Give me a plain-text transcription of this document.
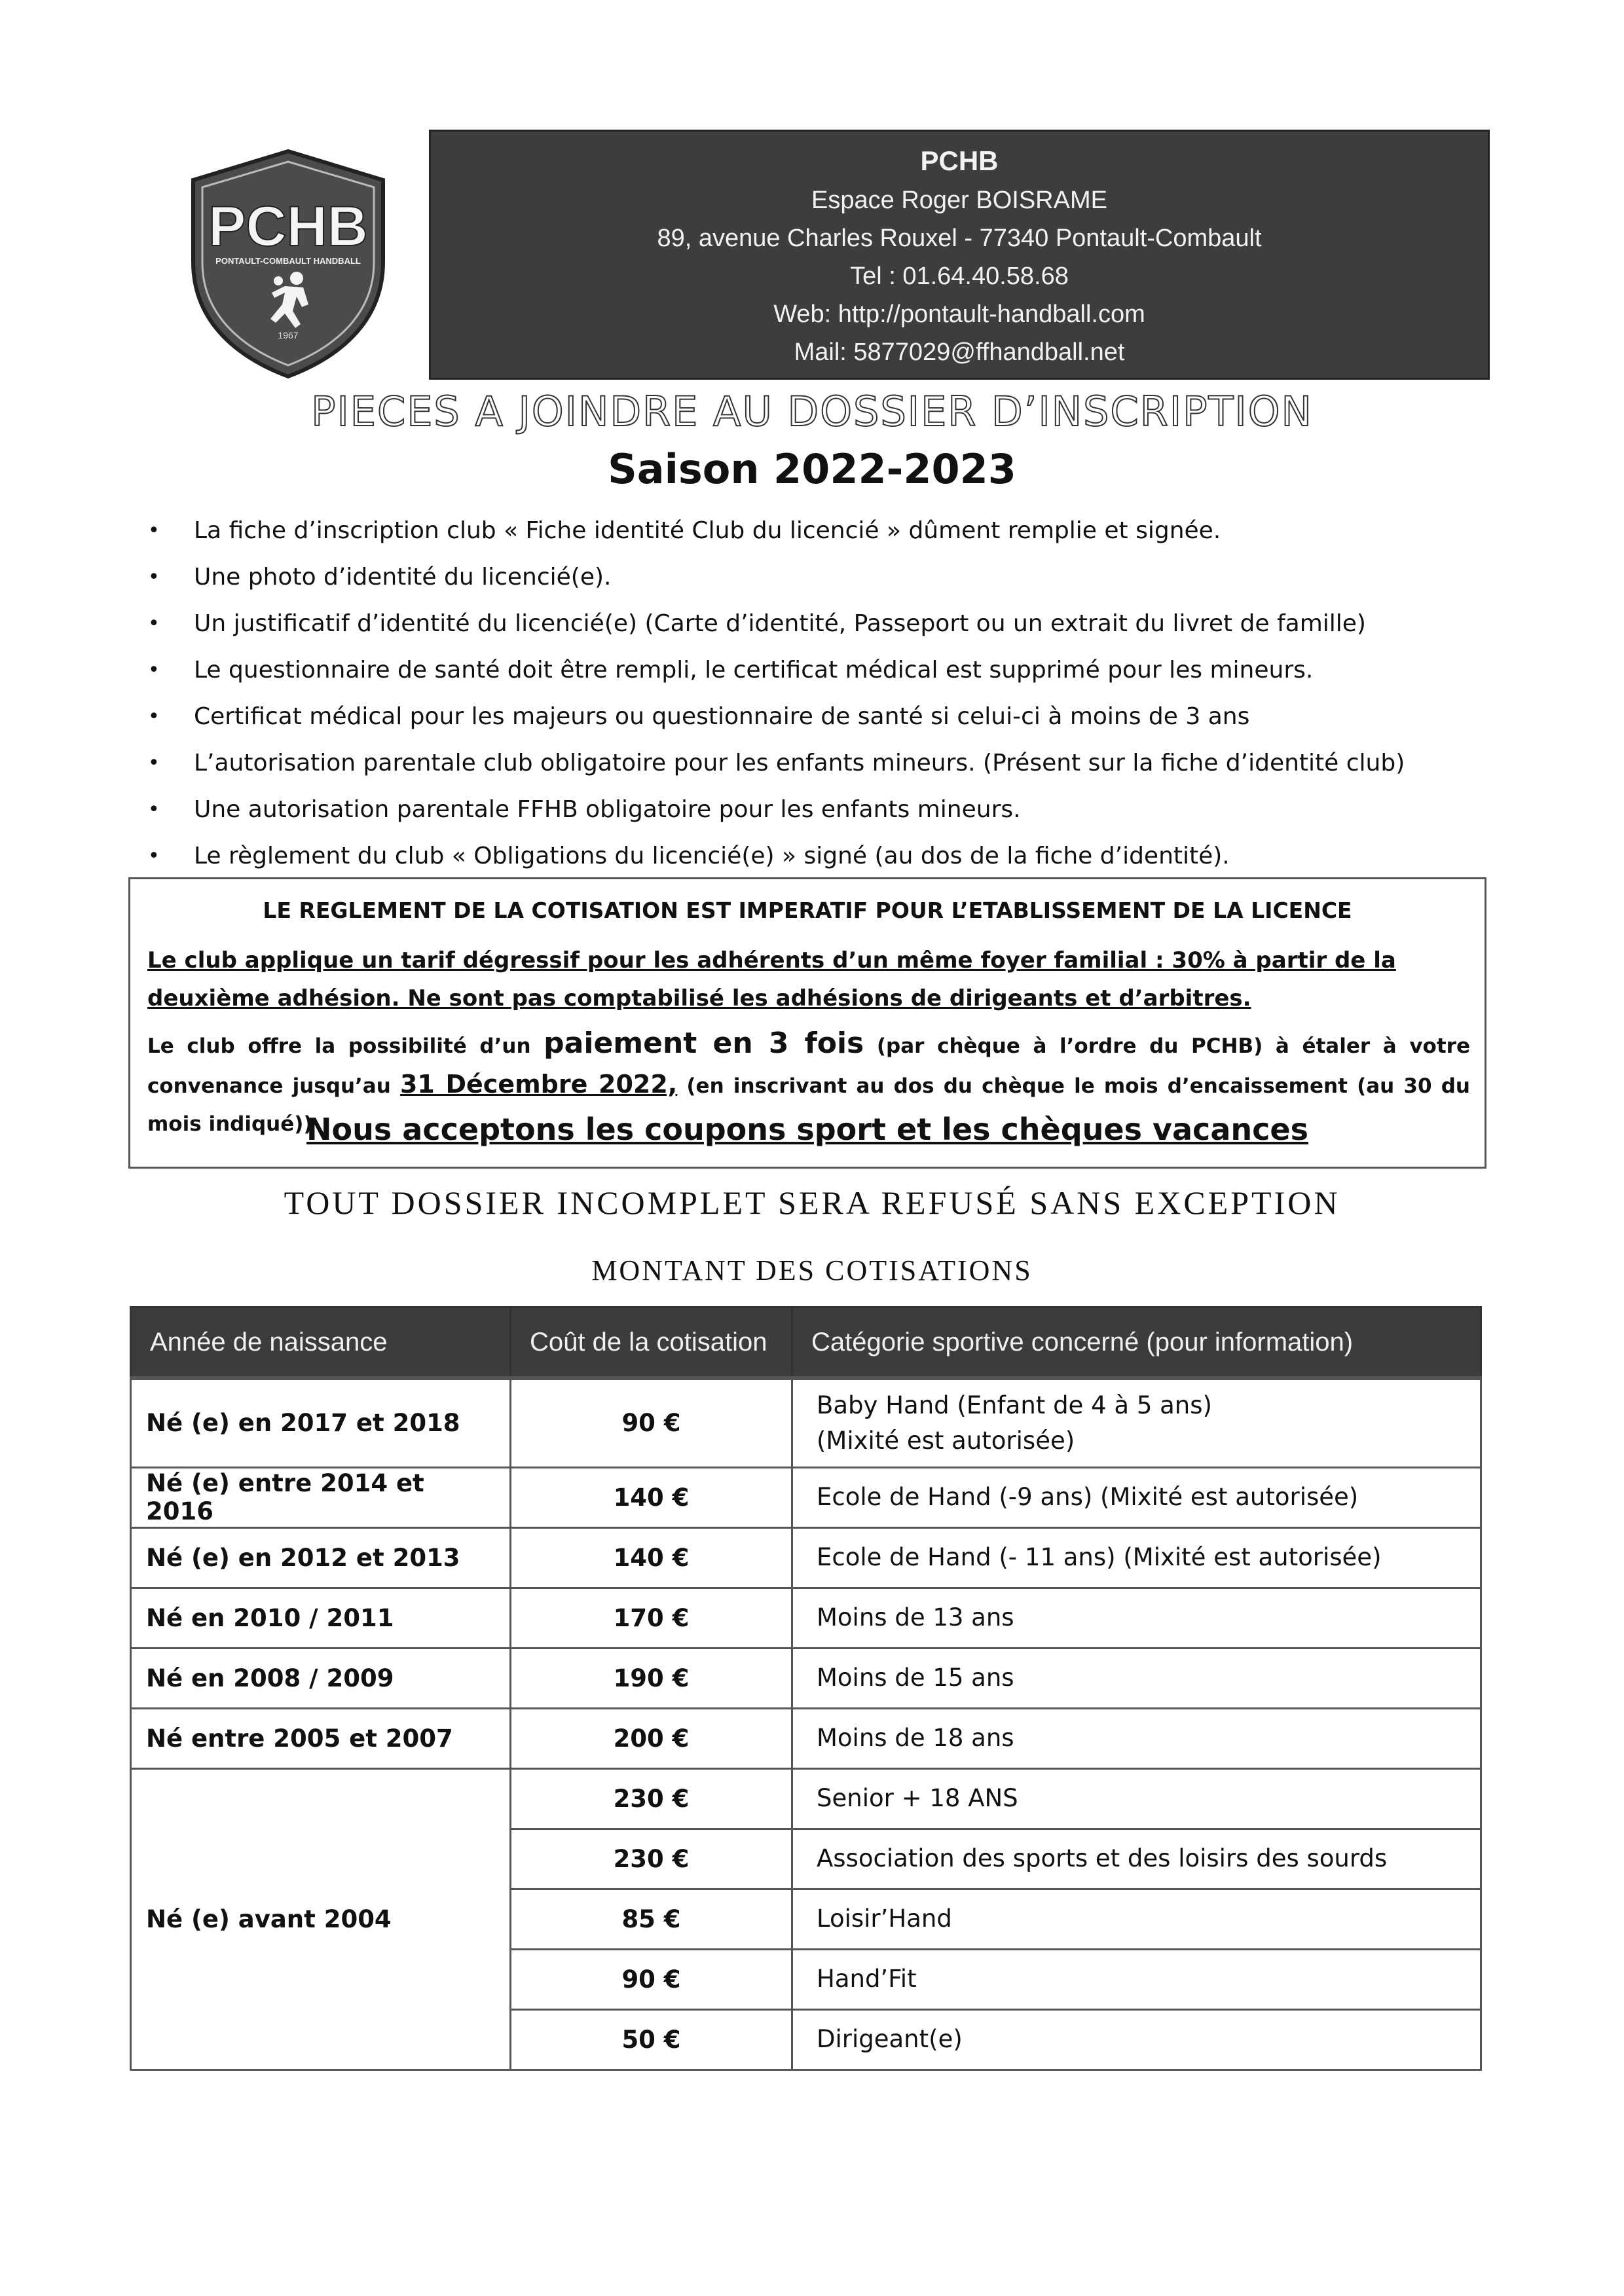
PCHB
PONTAULT-COMBAULT HANDBALL
1967
PCHB
Espace Roger BOISRAME
89, avenue Charles Rouxel - 77340 Pontault-Combault
Tel : 01.64.40.58.68
Web: http://pontault-handball.com
Mail: 5877029@ffhandball.net
PIECES A JOINDRE AU DOSSIER D’INSCRIPTION
Saison 2022-2023
• La fiche d’inscription club « Fiche identité Club du licencié » dûment remplie et signée.
• Une photo d’identité du licencié(e).
• Un justificatif d’identité du licencié(e) (Carte d’identité, Passeport ou un extrait du livret de famille)
• Le questionnaire de santé doit être rempli, le certificat médical est supprimé pour les mineurs.
• Certificat médical pour les majeurs ou questionnaire de santé si celui-ci à moins de 3 ans
• L’autorisation parentale club obligatoire pour les enfants mineurs. (Présent sur la fiche d’identité club)
• Une autorisation parentale FFHB obligatoire pour les enfants mineurs.
• Le règlement du club « Obligations du licencié(e) » signé (au dos de la fiche d’identité).
LE REGLEMENT DE LA COTISATION EST IMPERATIF POUR L’ETABLISSEMENT DE LA LICENCE
Le club applique un tarif dégressif pour les adhérents d’un même foyer familial : 30% à partir de la deuxième adhésion. Ne sont pas comptabilisé les adhésions de dirigeants et d’arbitres.
Le club offre la possibilité d’un paiement en 3 fois (par chèque à l’ordre du PCHB) à étaler à votre convenance jusqu’au 31 Décembre 2022, (en inscrivant au dos du chèque le mois d’encaissement (au 30 du mois indiqué))
Nous acceptons les coupons sport et les chèques vacances
TOUT DOSSIER INCOMPLET SERA REFUSÉ SANS EXCEPTION
MONTANT DES COTISATIONS
Année de naissance	Coût de la cotisation	Catégorie sportive concerné (pour information)
Né (e) en 2017 et 2018	90 €	Baby Hand (Enfant de 4 à 5 ans)
(Mixité est autorisée)

Né (e) entre 2014 et 2016	140 €	Ecole de Hand (-9 ans) (Mixité est autorisée)
Né (e) en 2012 et 2013	140 €	Ecole de Hand (- 11 ans) (Mixité est autorisée)
Né en 2010 / 2011	170 €	Moins de 13 ans
Né en 2008 / 2009	190 €	Moins de 15 ans
Né entre 2005 et 2007	200 €	Moins de 18 ans
Né (e) avant 2004	230 €	Senior + 18 ANS
	230 €	Association des sports et des loisirs des sourds
	85 €	Loisir’Hand
	90 €	Hand’Fit
	50 €	Dirigeant(e)
